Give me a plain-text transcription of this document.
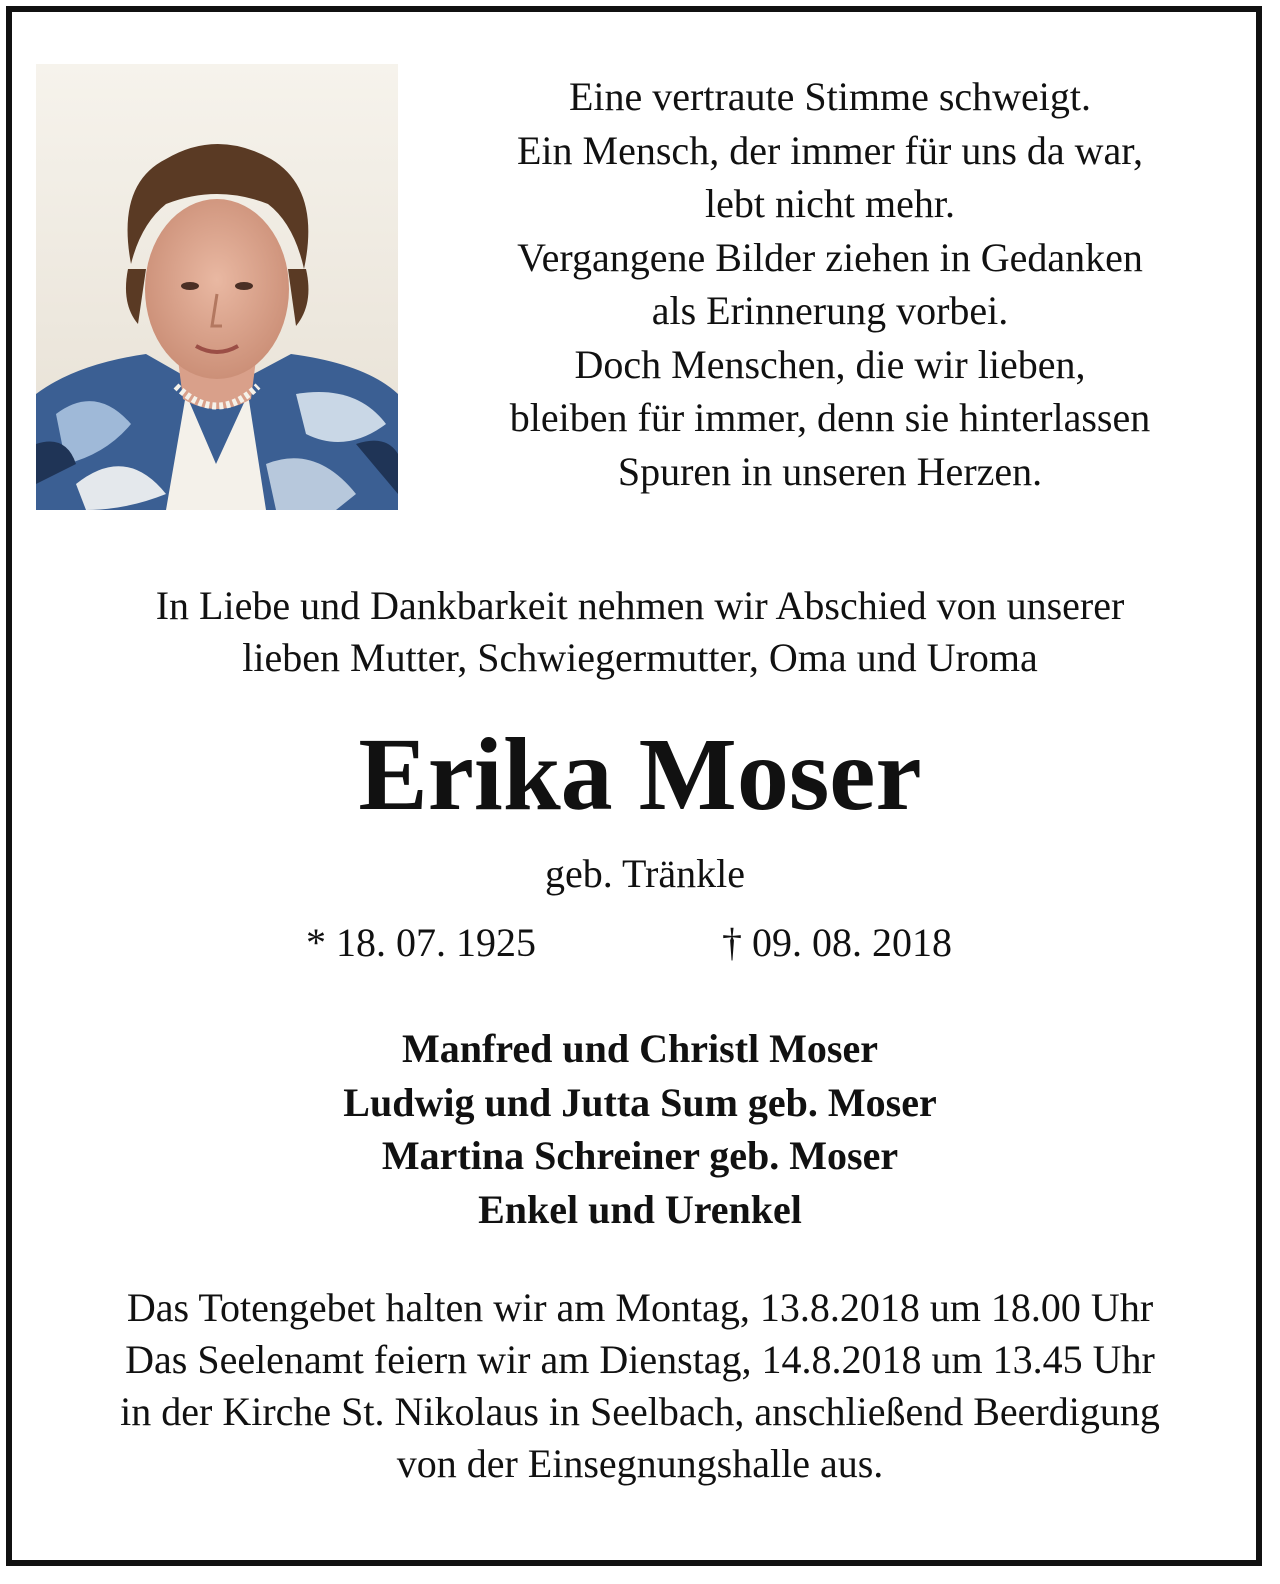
Eine vertraute Stimme schweigt.
Ein Mensch, der immer für uns da war,
lebt nicht mehr.
Vergangene Bilder ziehen in Gedanken
als Erinnerung vorbei.
Doch Menschen, die wir lieben,
bleiben für immer, denn sie hinterlassen
Spuren in unseren Herzen.
In Liebe und Dankbarkeit nehmen wir Abschied von unserer
lieben Mutter, Schwiegermutter, Oma und Uroma
Erika Moser
geb. Tränkle
* 18. 07. 1925	† 09. 08. 2018
Manfred und Christl Moser
Ludwig und Jutta Sum geb. Moser
Martina Schreiner geb. Moser
Enkel und Urenkel
Das Totengebet halten wir am Montag, 13.8.2018 um 18.00 Uhr
Das Seelenamt feiern wir am Dienstag, 14.8.2018 um 13.45 Uhr
in der Kirche St. Nikolaus in Seelbach, anschließend Beerdigung
von der Einsegnungshalle aus.
